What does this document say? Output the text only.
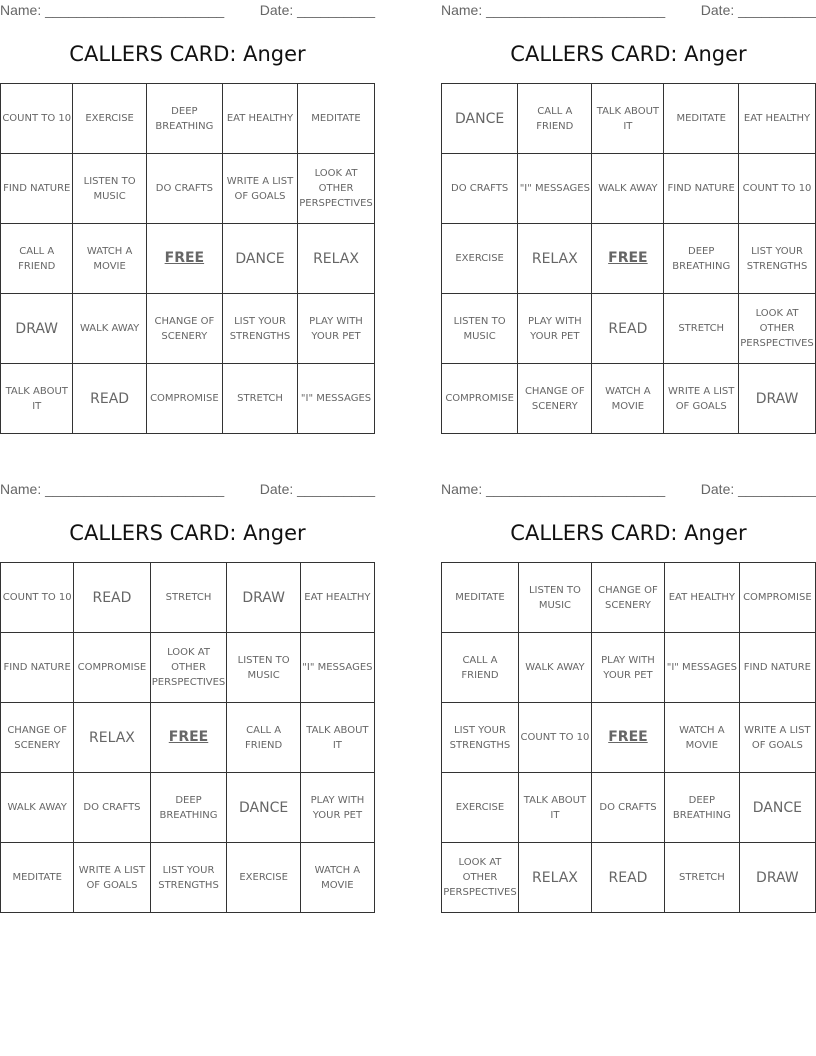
Name: _______________________	Date: __________
CALLERS CARD: Anger
COUNT TO 10	EXERCISE	DEEP BREATHING	EAT HEALTHY	MEDITATE
FIND NATURE	LISTEN TO MUSIC	DO CRAFTS	WRITE A LIST OF GOALS	LOOK AT OTHER PERSPECTIVES
CALL A FRIEND	WATCH A MOVIE	FREE	DANCE	RELAX
DRAW	WALK AWAY	CHANGE OF SCENERY	LIST YOUR STRENGTHS	PLAY WITH YOUR PET
TALK ABOUT IT	READ	COMPROMISE	STRETCH	"I" MESSAGES
Name: _______________________	Date: __________
CALLERS CARD: Anger
DANCE	CALL A FRIEND	TALK ABOUT IT	MEDITATE	EAT HEALTHY
DO CRAFTS	"I" MESSAGES	WALK AWAY	FIND NATURE	COUNT TO 10
EXERCISE	RELAX	FREE	DEEP BREATHING	LIST YOUR STRENGTHS
LISTEN TO MUSIC	PLAY WITH YOUR PET	READ	STRETCH	LOOK AT OTHER PERSPECTIVES
COMPROMISE	CHANGE OF SCENERY	WATCH A MOVIE	WRITE A LIST OF GOALS	DRAW
Name: _______________________	Date: __________
CALLERS CARD: Anger
COUNT TO 10	READ	STRETCH	DRAW	EAT HEALTHY
FIND NATURE	COMPROMISE	LOOK AT OTHER PERSPECTIVES	LISTEN TO MUSIC	"I" MESSAGES
CHANGE OF SCENERY	RELAX	FREE	CALL A FRIEND	TALK ABOUT IT
WALK AWAY	DO CRAFTS	DEEP BREATHING	DANCE	PLAY WITH YOUR PET
MEDITATE	WRITE A LIST OF GOALS	LIST YOUR STRENGTHS	EXERCISE	WATCH A MOVIE
Name: _______________________	Date: __________
CALLERS CARD: Anger
MEDITATE	LISTEN TO MUSIC	CHANGE OF SCENERY	EAT HEALTHY	COMPROMISE
CALL A FRIEND	WALK AWAY	PLAY WITH YOUR PET	"I" MESSAGES	FIND NATURE
LIST YOUR STRENGTHS	COUNT TO 10	FREE	WATCH A MOVIE	WRITE A LIST OF GOALS
EXERCISE	TALK ABOUT IT	DO CRAFTS	DEEP BREATHING	DANCE
LOOK AT OTHER PERSPECTIVES	RELAX	READ	STRETCH	DRAW
